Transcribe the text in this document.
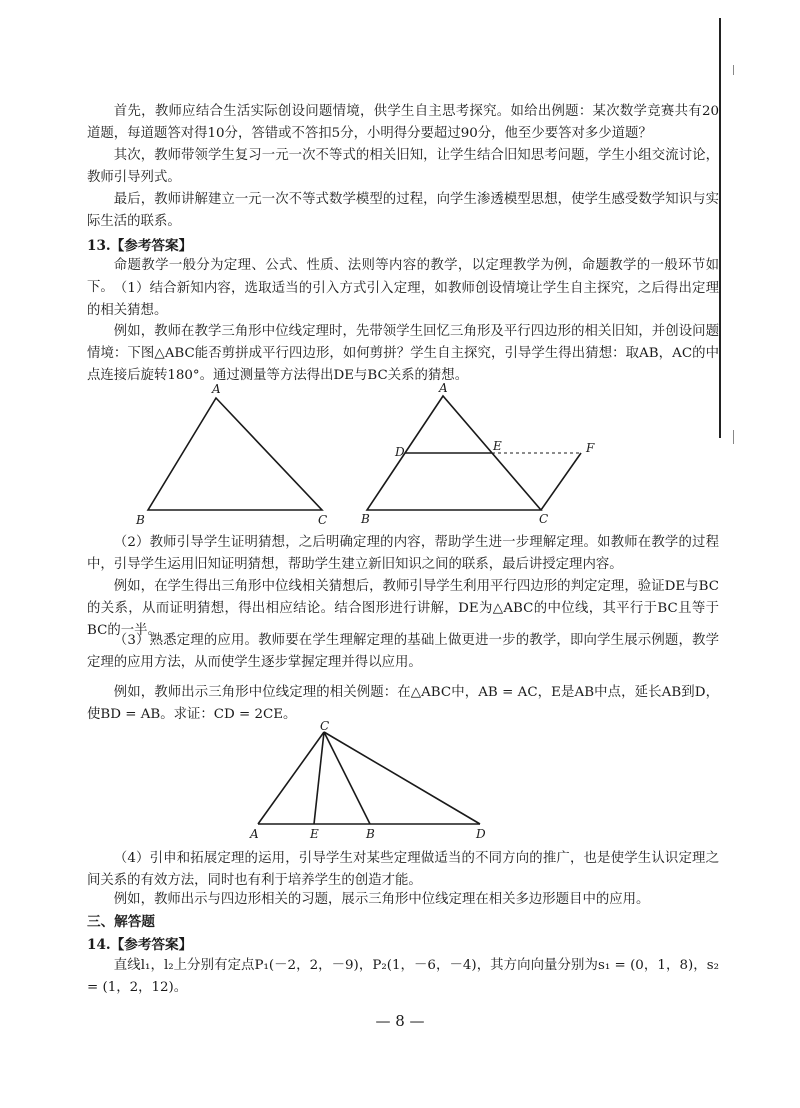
首先，教师应结合生活实际创设问题情境，供学生自主思考探究。如给出例题：某次数学竞赛共有20道题，每道题答对得10分，答错或不答扣5分，小明得分要超过90分，他至少要答对多少道题？

其次，教师带领学生复习一元一次不等式的相关旧知，让学生结合旧知思考问题，学生小组交流讨论，教师引导列式。

最后，教师讲解建立一元一次不等式数学模型的过程，向学生渗透模型思想，使学生感受数学知识与实际生活的联系。

13.【参考答案】

命题教学一般分为定理、公式、性质、法则等内容的教学，以定理教学为例，命题教学的一般环节如下。 （1）结合新知内容，选取适当的引入方式引入定理，如教师创设情境让学生自主探究，之后得出定理的相关猜想。

例如，教师在教学三角形中位线定理时，先带领学生回忆三角形及平行四边形的相关旧知，并创设问题情境：下图△ABC能否剪拼成平行四边形，如何剪拼？学生自主探究，引导学生得出猜想：取AB，AC的中点连接后旋转180°。通过测量等方法得出DE与BC关系的猜想。

A
B	C
A
D	E	F
B	C

（2）教师引导学生证明猜想，之后明确定理的内容，帮助学生进一步理解定理。如教师在教学的过程中，引导学生运用旧知证明猜想，帮助学生建立新旧知识之间的联系，最后讲授定理内容。

例如，在学生得出三角形中位线相关猜想后，教师引导学生利用平行四边形的判定定理，验证DE与BC的关系，从而证明猜想，得出相应结论。结合图形进行讲解，DE为△ABC的中位线，其平行于BC且等于BC的一半。

（3）熟悉定理的应用。教师要在学生理解定理的基础上做更进一步的教学，即向学生展示例题，教学定理的应用方法，从而使学生逐步掌握定理并得以应用。

例如，教师出示三角形中位线定理的相关例题：在△ABC中，AB = AC，E是AB中点，延长AB到D，使BD = AB。求证：CD = 2CE。

C
A	E	B	D

（4）引申和拓展定理的运用，引导学生对某些定理做适当的不同方向的推广，也是使学生认识定理之间关系的有效方法，同时也有利于培养学生的创造才能。

例如，教师出示与四边形相关的习题，展示三角形中位线定理在相关多边形题目中的应用。

三、解答题

14.【参考答案】

直线l₁，l₂上分别有定点P₁(－2，2，－9)，P₂(1，－6，－4)，其方向向量分别为s₁ = (0，1，8)，s₂ = (1，2，12)。

— 8 —
